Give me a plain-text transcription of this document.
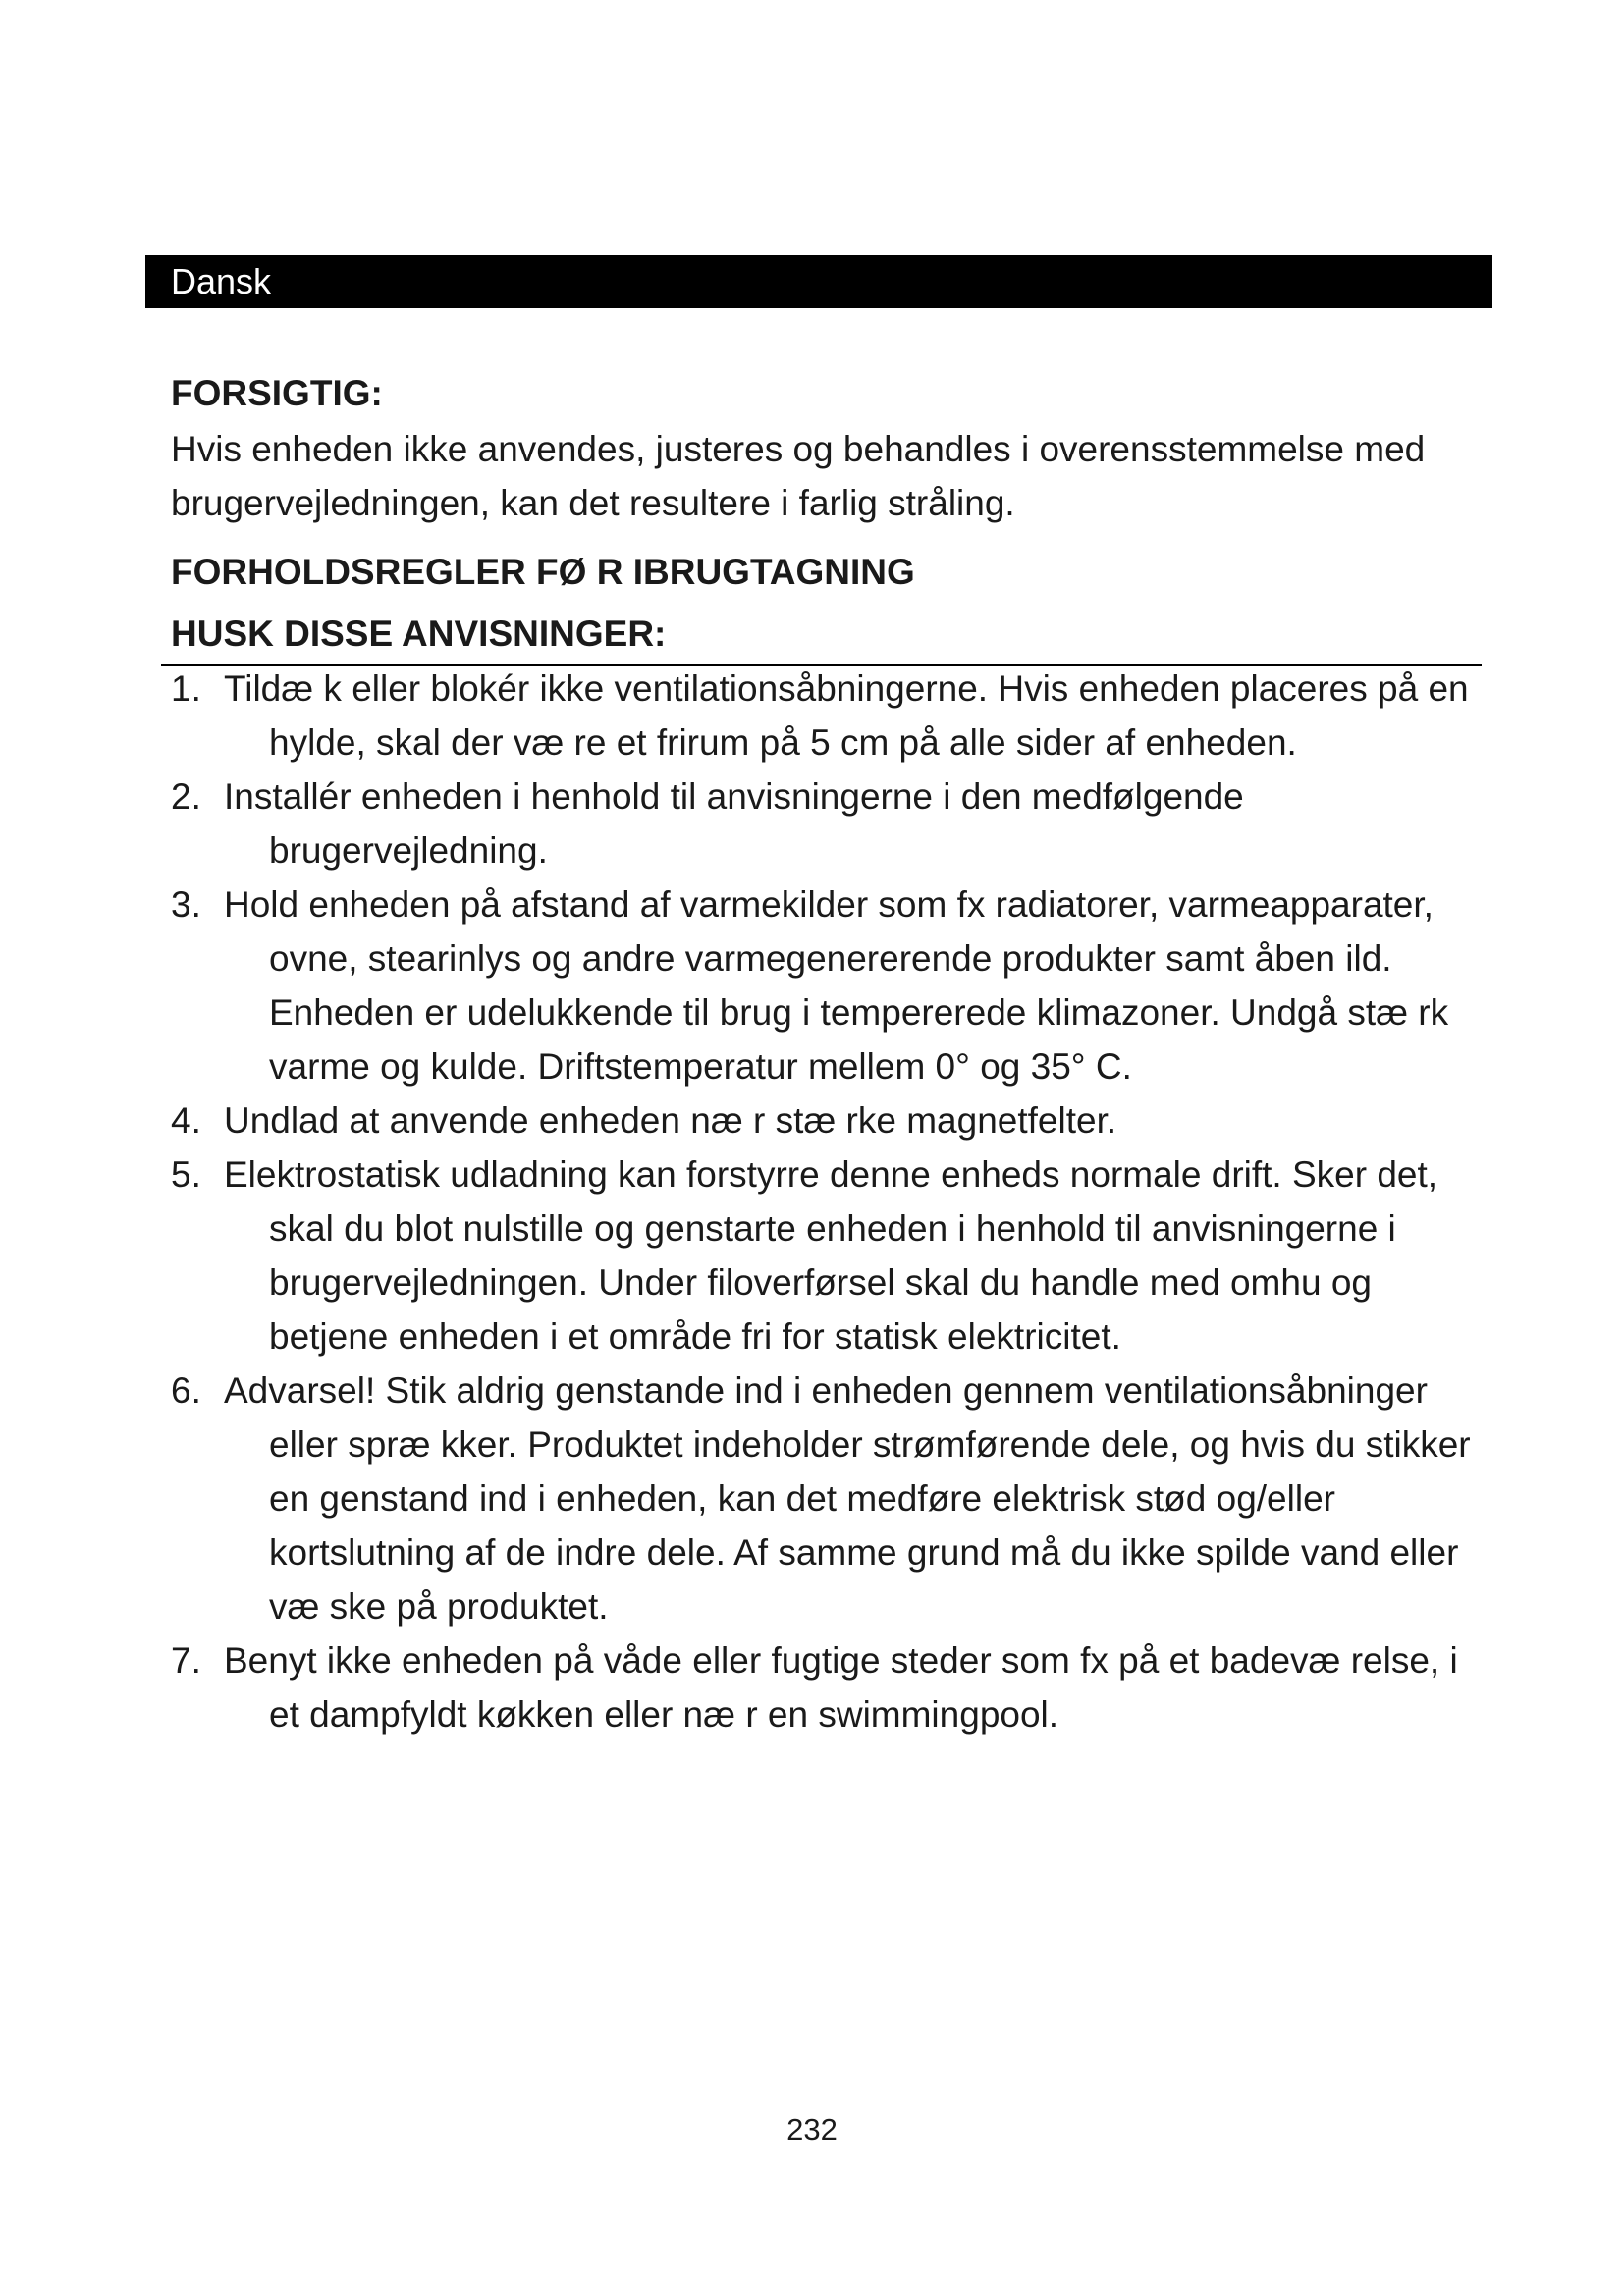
Dansk
FORSIGTIG:

Hvis enheden ikke anvendes, justeres og behandles i overensstemmelse med brugervejledningen, kan det resultere i farlig stråling.

FORHOLDSREGLER FØ R IBRUGTAGNING
HUSK DISSE ANVISNINGER:
1. Tildæ k eller blokér ikke ventilationsåbningerne. Hvis enheden placeres på en hylde, skal der væ re et frirum på 5 cm på alle sider af enheden.
2. Installér enheden i henhold til anvisningerne i den medfølgende brugervejledning.
3. Hold enheden på afstand af varmekilder som fx radiatorer, varmeapparater, ovne, stearinlys og andre varmegenererende produkter samt åben ild. Enheden er udelukkende til brug i tempererede klimazoner. Undgå stæ rk varme og kulde. Driftstemperatur mellem 0° og 35° C.
4. Undlad at anvende enheden næ r stæ rke magnetfelter.
5. Elektrostatisk udladning kan forstyrre denne enheds normale drift. Sker det, skal du blot nulstille og genstarte enheden i henhold til anvisningerne i brugervejledningen. Under filoverførsel skal du handle med omhu og betjene enheden i et område fri for statisk elektricitet.
6. Advarsel! Stik aldrig genstande ind i enheden gennem ventilationsåbninger eller spræ kker. Produktet indeholder strømførende dele, og hvis du stikker en genstand ind i enheden, kan det medføre elektrisk stød og/eller kortslutning af de indre dele. Af samme grund må du ikke spilde vand eller væ ske på produktet.
7. Benyt ikke enheden på våde eller fugtige steder som fx på et badevæ relse, i et dampfyldt køkken eller næ r en swimmingpool.
232
